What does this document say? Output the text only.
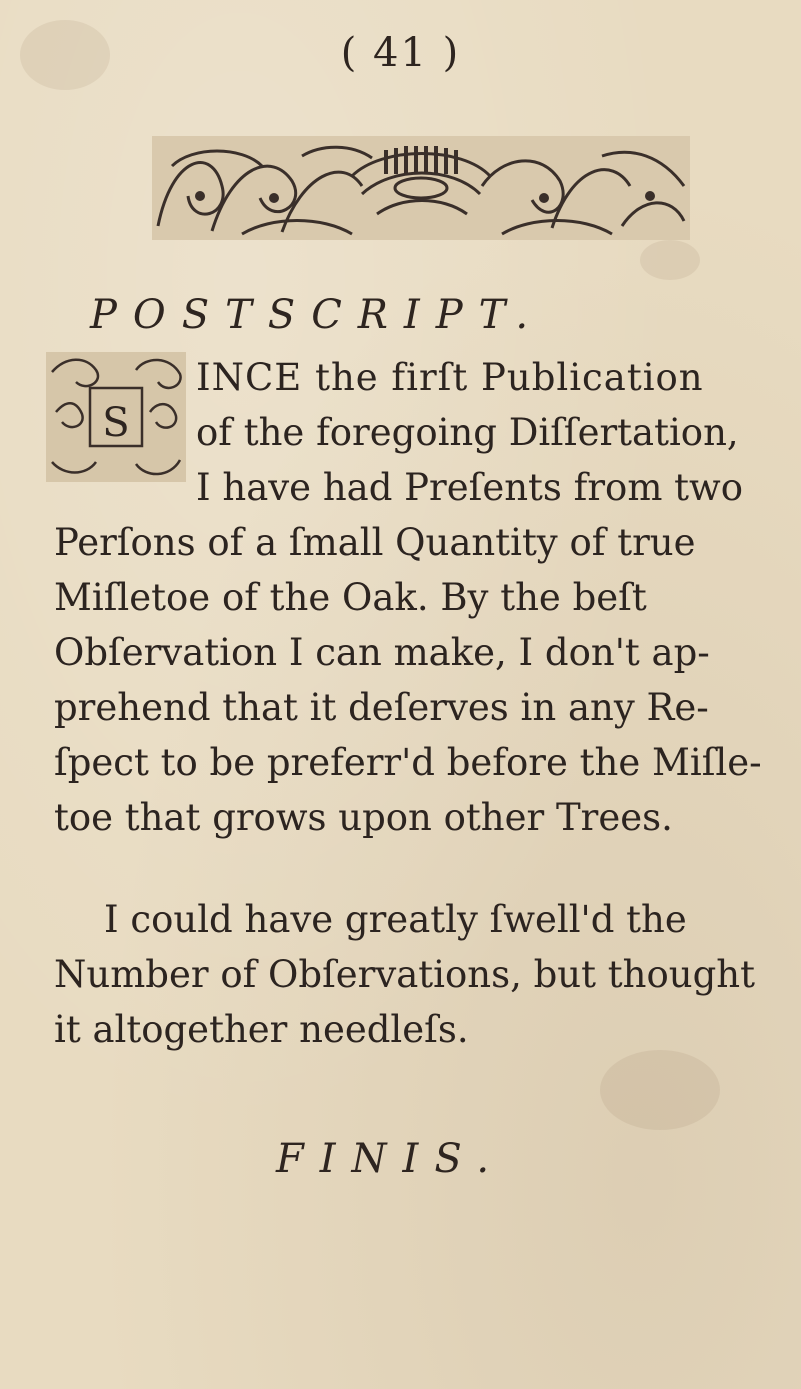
( 41 )
POSTSCRIPT.
S
INCE the firſt Publication
of the foregoing Diſſertation,
I have had Preſents from two
Perſons of a ſmall Quantity of true
Miſletoe of the Oak. By the beſt
Obſervation I can make, I don't ap-
prehend that it deſerves in any Re-
ſpect to be preferr'd before the Miſle-
toe that grows upon other Trees.
I could have greatly ſwell'd the
Number of Obſervations, but thought
it altogether needleſs.
FINIS.
